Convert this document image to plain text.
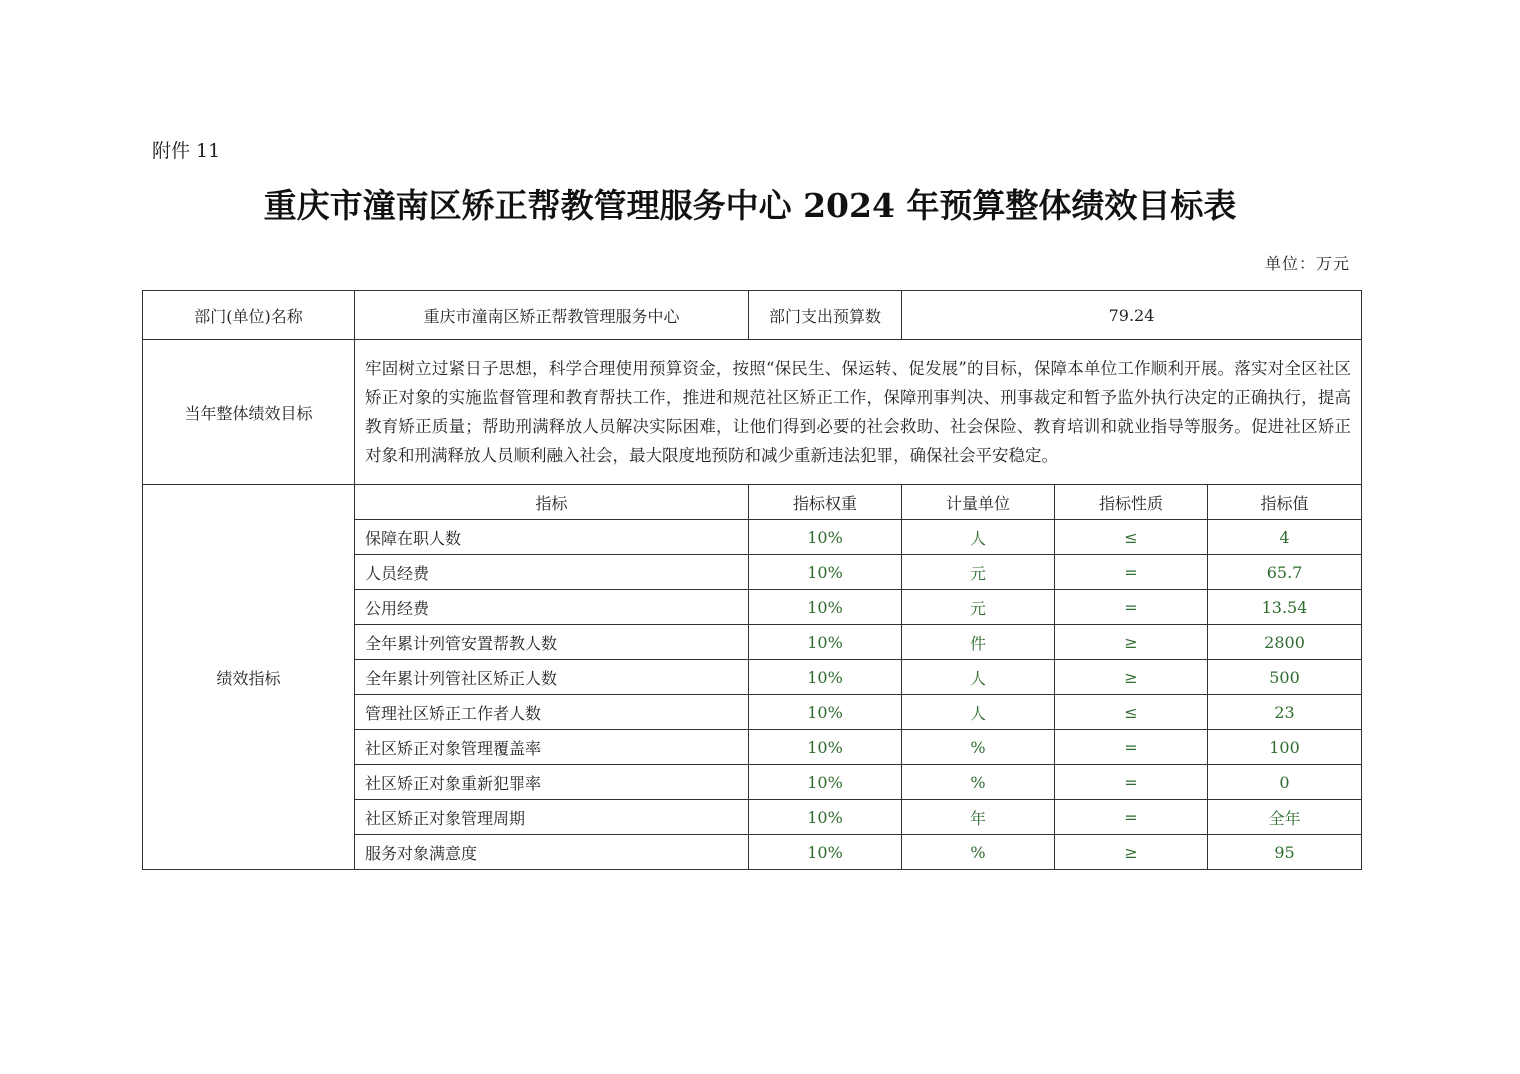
附件 11
重庆市潼南区矫正帮教管理服务中心 2024 年预算整体绩效目标表
单位：万元
部门(单位)名称	重庆市潼南区矫正帮教管理服务中心	部门支出预算数	79.24		
当年整体绩效目标	牢固树立过紧日子思想，科学合理使用预算资金，按照“保民生、保运转、促发展”的目标，保障本单位工作顺利开展。落实对全区社区矫正对象的实施监督管理和教育帮扶工作，推进和规范社区矫正工作，保障刑事判决、刑事裁定和暂予监外执行决定的正确执行，提高教育矫正质量；帮助刑满释放人员解决实际困难，让他们得到必要的社会救助、社会保险、教育培训和就业指导等服务。促进社区矫正对象和刑满释放人员顺利融入社会，最大限度地预防和减少重新违法犯罪，确保社会平安稳定。				
绩效指标	指标	指标权重	计量单位	指标性质	指标值
	保障在职人数	10%	人	≤	4
	人员经费	10%	元	=	65.7
	公用经费	10%	元	=	13.54
	全年累计列管安置帮教人数	10%	件	≥	2800
	全年累计列管社区矫正人数	10%	人	≥	500
	管理社区矫正工作者人数	10%	人	≤	23
	社区矫正对象管理覆盖率	10%	%	=	100
	社区矫正对象重新犯罪率	10%	%	=	0
	社区矫正对象管理周期	10%	年	=	全年
	服务对象满意度	10%	%	≥	95
